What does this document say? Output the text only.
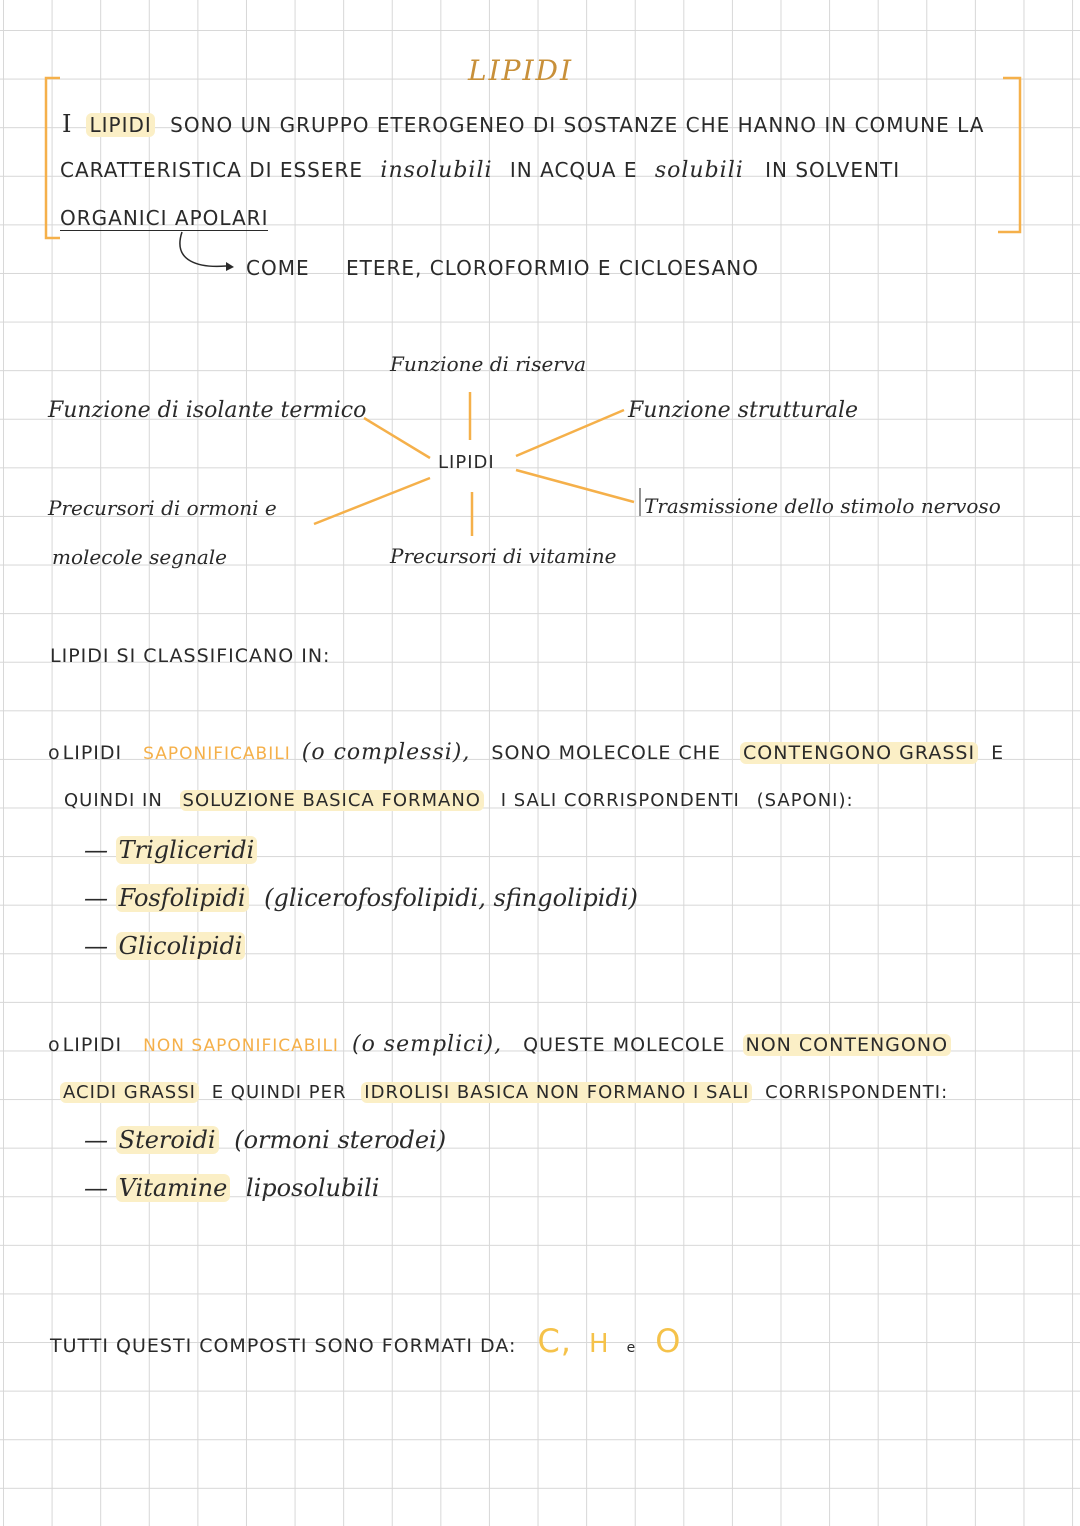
LIPIDI
I LIPIDI SONO UN GRUPPO ETEROGENEO DI SOSTANZE CHE HANNO IN COMUNE LA
CARATTERISTICA DI ESSERE insolubili IN ACQUA E solubili IN SOLVENTI
ORGANICI APOLARI
COME ETERE, CLOROFORMIO E CICLOESANO
Funzione di riserva
Funzione di isolante termico
LIPIDI
Funzione strutturale
Precursori di ormoni e
molecole segnale
Trasmissione dello stimolo nervoso
Precursori di vitamine
LIPIDI SI CLASSIFICANO IN:
o LIPIDI SAPONIFICABILI (o complessi), SONO MOLECOLE CHE CONTENGONO GRASSI E
QUINDI IN SOLUZIONE BASICA FORMANO I SALI CORRISPONDENTI (SAPONI):
— Trigliceridi
— Fosfolipidi (glicerofosfolipidi, sfingolipidi)
— Glicolipidi
o LIPIDI NON SAPONIFICABILI (o semplici), QUESTE MOLECOLE NON CONTENGONO
ACIDI GRASSI E QUINDI PER IDROLISI BASICA NON FORMANO I SALI CORRISPONDENTI:
— Steroidi (ormoni sterodei)
— Vitamine liposolubili
TUTTI QUESTI COMPOSTI SONO FORMATI DA: C, H e O
